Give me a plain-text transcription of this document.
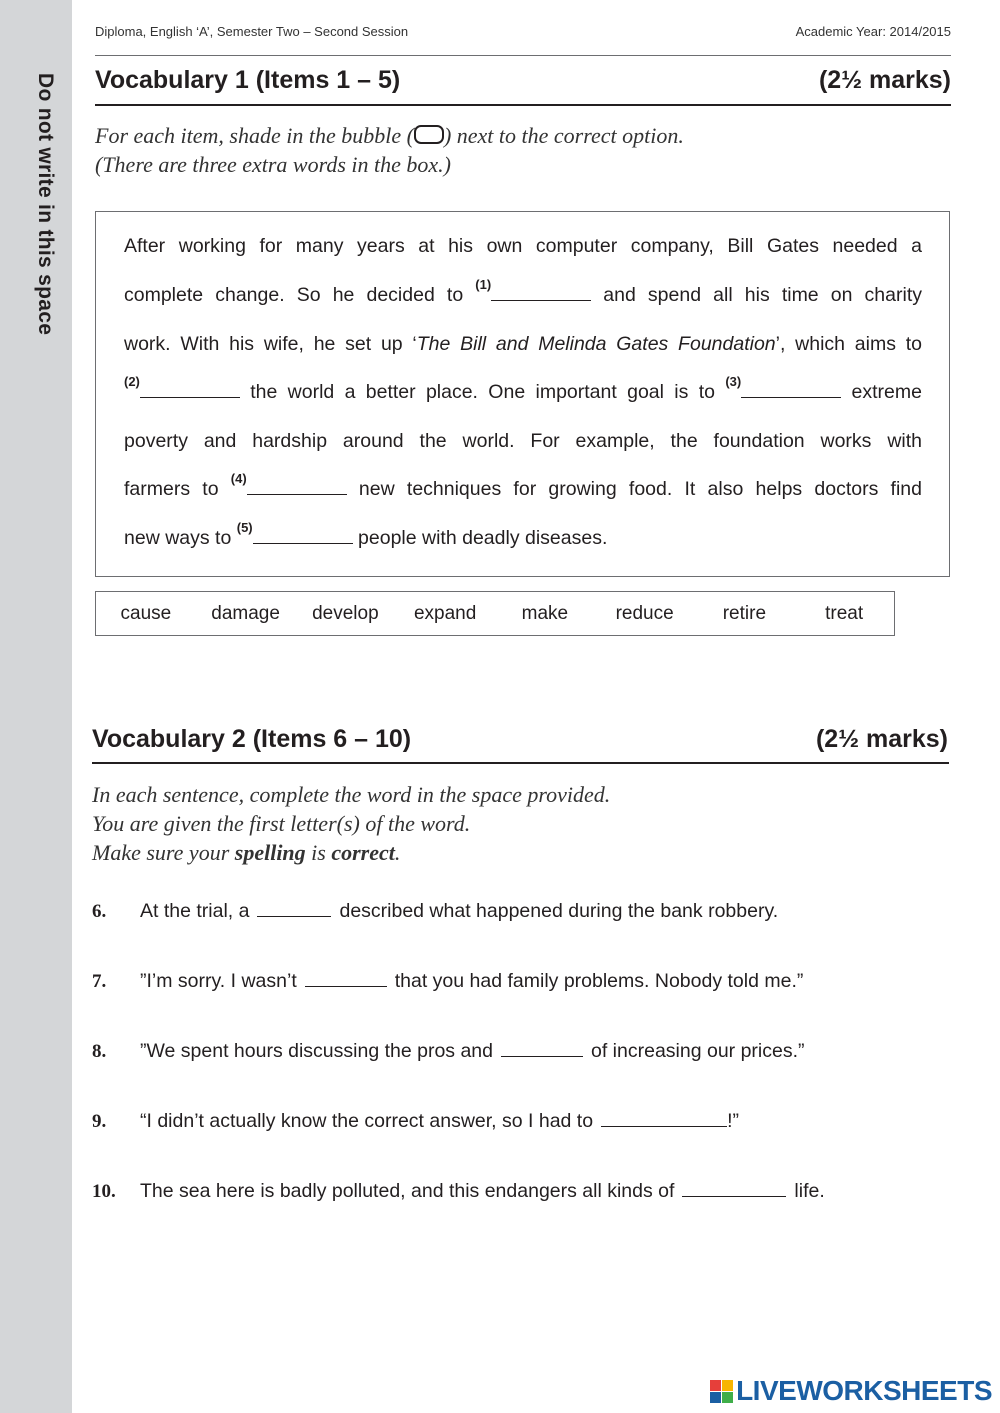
Do not write in this space
Diploma, English ‘A’, Semester Two – Second Session	Academic Year: 2014/2015
Vocabulary 1 (Items 1 – 5)	(2½ marks)
For each item, shade in the bubble ( ) next to the correct option.
(There are three extra words in the box.)
After working for many years at his own computer company, Bill Gates needed a
complete change. So he decided to $^{(1)}$	and spend all his time on charity
work. With his wife, he set up ‘The Bill and Melinda Gates Foundation’, which aims to
$^{(2)}$	the world a better place. One important goal is to $^{(3)}$	extreme
poverty and hardship around the world. For example, the foundation works with
farmers to $^{(4)}$	new techniques for growing food. It also helps doctors find
new ways to $^{(5)}$	people with deadly diseases.
cause	damage	develop	expand	make	reduce	retire	treat
Vocabulary 2 (Items 6 – 10)	(2½ marks)
In each sentence, complete the word in the space provided.
You are given the first letter(s) of the word.
Make sure your spelling is correct.
6. At the trial, a	described what happened during the bank robbery.
7. ”I’m sorry. I wasn’t	that you had family problems. Nobody told me.”
8. ”We spent hours discussing the pros and	of increasing our prices.”
9. “I didn’t actually know the correct answer, so I had to	!”
10. The sea here is badly polluted, and this endangers all kinds of	life.
LIVEWORKSHEETS
